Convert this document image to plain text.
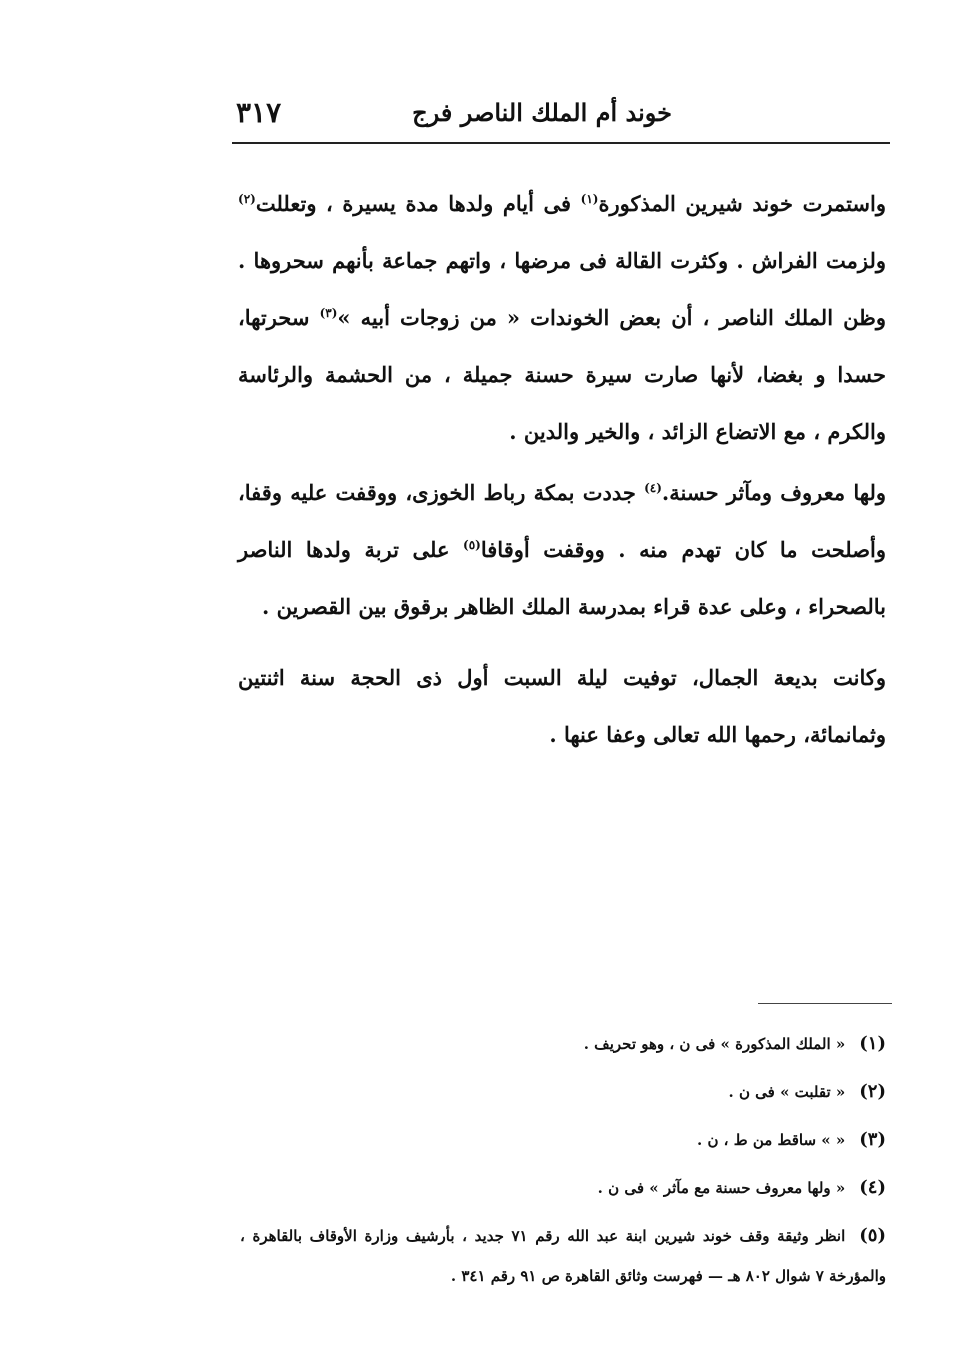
٣١٧	خوند أم الملك الناصر فرج

واستمرت خوند شيرين المذكورة$^{(١)}$ فى أيام ولدها مدة يسيرة ، وتعللت$^{(٢)}$ ولزمت الفراش . وكثرت القالة فى مرضها ، واتهم جماعة بأنهم سحروها . وظن الملك الناصر ، أن بعض الخوندات « من زوجات أبيه »$^{(٣)}$ سحرتها، حسدا و بغضا، لأنها صارت سيرة حسنة جميلة ، من الحشمة والرئاسة والكرم ، مع الاتضاع الزائد ، والخير والدين .

ولها معروف ومآثر حسنة.$^{(٤)}$ جددت بمكة رباط الخوزى، ووقفت عليه وقفا، وأصلحت ما كان تهدم منه . ووقفت أوقافا$^{(٥)}$ على تربة ولدها الناصر بالصحراء ، وعلى عدة قراء بمدرسة الملك الظاهر برقوق بين القصرين .

وكانت بديعة الجمال، توفيت ليلة السبت أول ذى الحجة سنة اثنتين وثمانمائة، رحمها الله تعالى وعفا عنها .

(١)« الملك المذكورة » فى ن ، وهو تحريف .
(٢)« تقلبت » فى ن .
(٣)« » ساقط من ط ، ن .
(٤)« ولها معروف حسنة مع مآثر » فى ن .
(٥)انظر وثيقة وقف خوند شيرين ابنة عبد الله رقم ٧١ جديد ، بأرشيف وزارة الأوقاف بالقاهرة ، والمؤرخة ٧ شوال ٨٠٢ هـ — فهرست وثائق القاهرة ص ٩١ رقم ٣٤١ .
